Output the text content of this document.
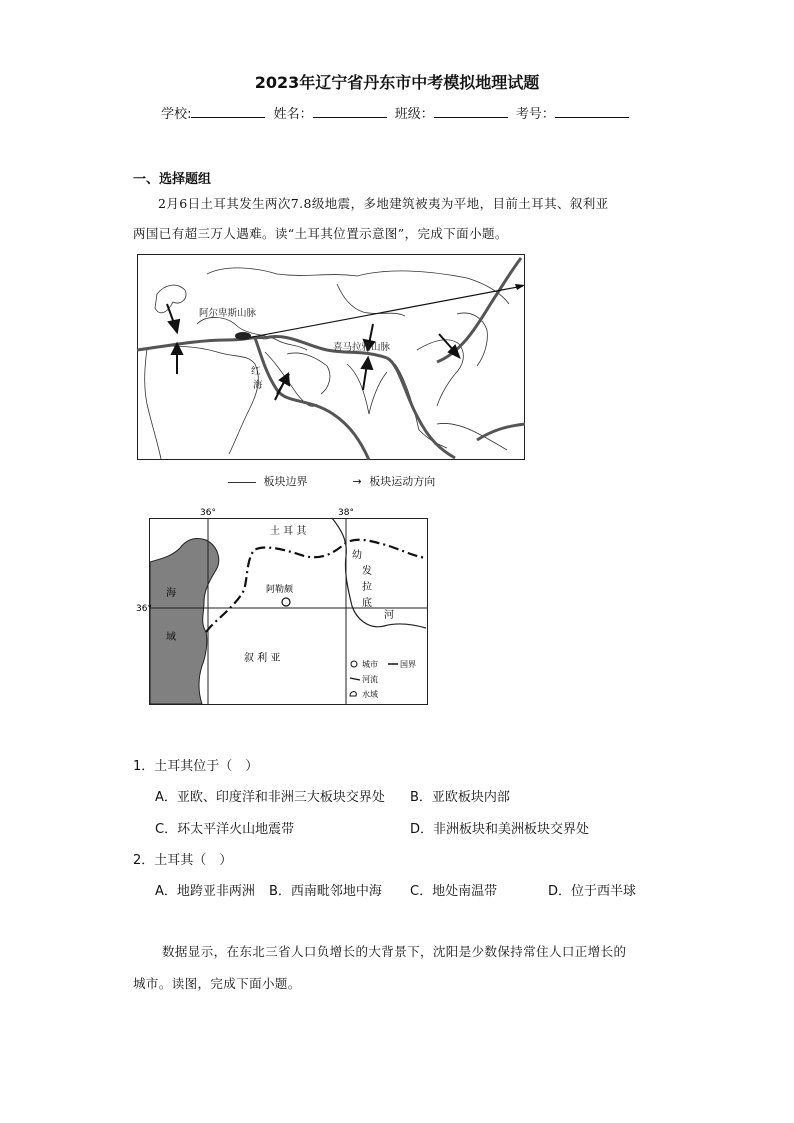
2023年辽宁省丹东市中考模拟地理试题
学校:	姓名：	班级：	考号：
一、选择题组
2月6日土耳其发生两次7.8级地震，多地建筑被夷为平地，目前土耳其、叙利亚
两国已有超三万人遇难。读“土耳其位置示意图”，完成下面小题。
阿尔卑斯山脉
喜马拉雅山脉
红
海
板块边界	→ 板块运动方向
36°	38°
36°
土 耳 其
海
域
阿勒颇
叙 利 亚
幼
发
拉
底
河
城市	国界
河流
水域
1．土耳其位于（　）
A．亚欧、印度洋和非洲三大板块交界处 B．亚欧板块内部
C．环太平洋火山地震带	D．非洲板块和美洲板块交界处
2．土耳其（　）
A．地跨亚非两洲 B．西南毗邻地中海 C．地处南温带	D．位于西半球
数据显示，在东北三省人口负增长的大背景下，沈阳是少数保持常住人口正增长的
城市。读图，完成下面小题。
